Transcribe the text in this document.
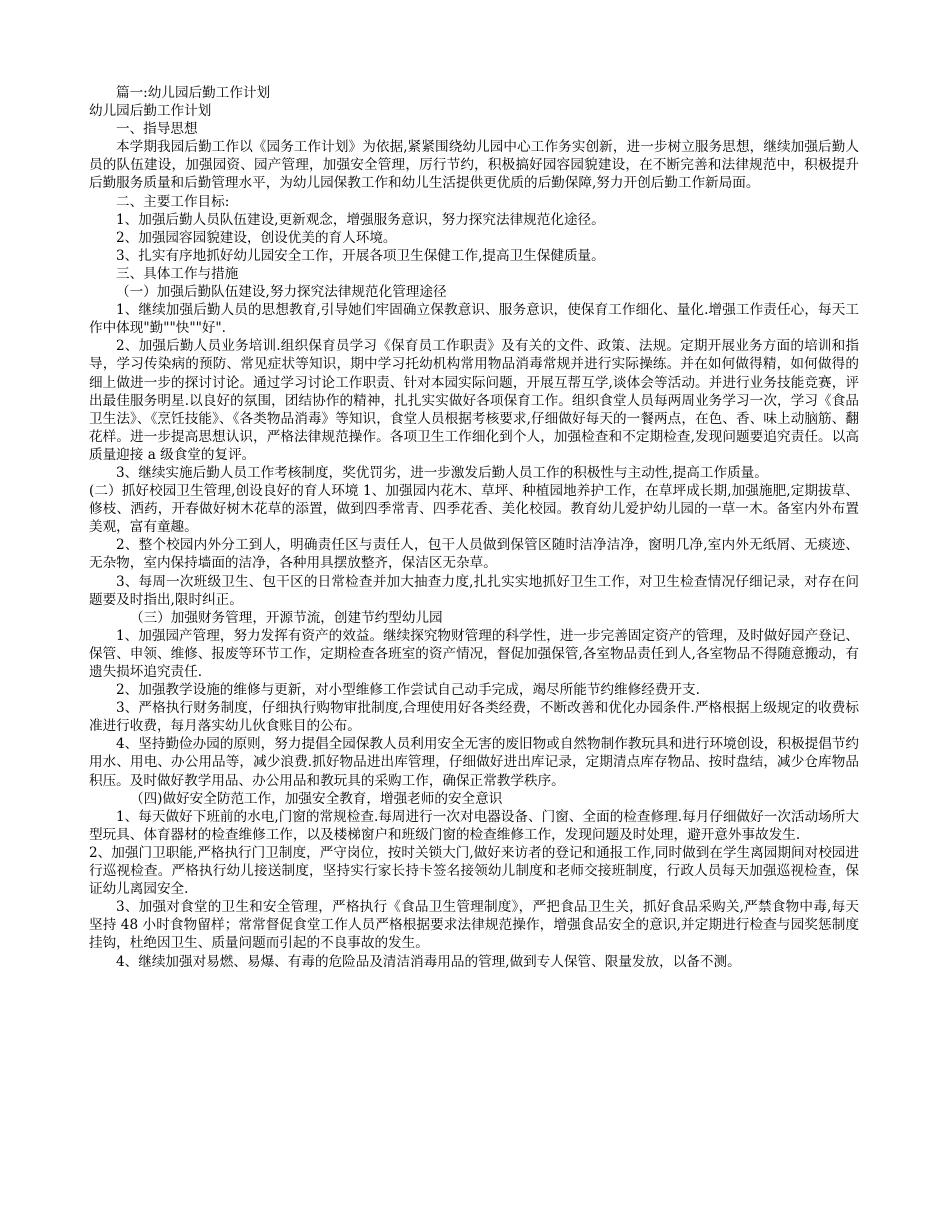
篇一:幼儿园后勤工作计划

幼儿园后勤工作计划

一、指导思想

本学期我园后勤工作以《园务工作计划》为依据,紧紧围绕幼儿园中心工作务实创新，进一步树立服务思想，继续加强后勤人员的队伍建设，加强园资、园产管理，加强安全管理，厉行节约，积极搞好园容园貌建设，在不断完善和法律规范中，积极提升后勤服务质量和后勤管理水平，为幼儿园保教工作和幼儿生活提供更优质的后勤保障,努力开创后勤工作新局面。

二、主要工作目标:

1、加强后勤人员队伍建设,更新观念，增强服务意识，努力探究法律规范化途径。

2、加强园容园貌建设，创设优美的育人环境。

3、扎实有序地抓好幼儿园安全工作，开展各项卫生保健工作,提高卫生保健质量。

三、具体工作与措施

（一）加强后勤队伍建设,努力探究法律规范化管理途径

1、继续加强后勤人员的思想教育,引导她们牢固确立保教意识、服务意识，使保育工作细化、量化.增强工作责任心，每天工作中体现"勤""快""好".

2、加强后勤人员业务培训.组织保育员学习《保育员工作职责》及有关的文件、政策、法规。定期开展业务方面的培训和指导，学习传染病的预防、常见症状等知识，期中学习托幼机构常用物品消毒常规并进行实际操练。并在如何做得精，如何做得的细上做进一步的探讨讨论。通过学习讨论工作职责、针对本园实际问题，开展互帮互学,谈体会等活动。并进行业务技能竞赛，评出最佳服务明星.以良好的氛围，团结协作的精神，扎扎实实做好各项保育工作。组织食堂人员每两周业务学习一次，学习《食品卫生法》、《烹饪技能》、《各类物品消毒》等知识，食堂人员根据考核要求,仔细做好每天的一餐两点，在色、香、味上动脑筋、翻花样。进一步提高思想认识，严格法律规范操作。各项卫生工作细化到个人，加强检查和不定期检查,发现问题要追究责任。以高质量迎接 a 级食堂的复评。

3、继续实施后勤人员工作考核制度，奖优罚劣，进一步激发后勤人员工作的积极性与主动性,提高工作质量。

(二）抓好校园卫生管理,创设良好的育人环境 1、加强园内花木、草坪、种植园地养护工作，在草坪成长期,加强施肥,定期拔草、修枝、洒药，开春做好树木花草的添置，做到四季常青、四季花香、美化校园。教育幼儿爱护幼儿园的一草一木。备室内外布置美观，富有童趣。

2、整个校园内外分工到人，明确责任区与责任人，包干人员做到保管区随时洁净洁净，窗明几净,室内外无纸屑、无痰迹、无杂物，室内保持墙面的洁净，各种用具摆放整齐，保洁区无杂草。

3、每周一次班级卫生、包干区的日常检查并加大抽查力度,扎扎实实地抓好卫生工作，对卫生检查情况仔细记录，对存在问题要及时指出,限时纠正。

（三）加强财务管理，开源节流，创建节约型幼儿园

1、加强园产管理，努力发挥有资产的效益。继续探究物财管理的科学性，进一步完善固定资产的管理，及时做好园产登记、保管、申领、维修、报废等环节工作，定期检查各班室的资产情况，督促加强保管,各室物品责任到人,各室物品不得随意搬动，有遗失损坏追究责任.

2、加强教学设施的维修与更新，对小型维修工作尝试自己动手完成，竭尽所能节约维修经费开支.

3、严格执行财务制度，仔细执行购物审批制度,合理使用好各类经费，不断改善和优化办园条件.严格根据上级规定的收费标准进行收费，每月落实幼儿伙食账目的公布。

4、坚持勤俭办园的原则，努力提倡全园保教人员利用安全无害的废旧物或自然物制作教玩具和进行环境创设，积极提倡节约用水、用电、办公用品等，减少浪费.抓好物品进出库管理，仔细做好进出库记录，定期清点库存物品、按时盘结，减少仓库物品积压。及时做好教学用品、办公用品和教玩具的采购工作，确保正常教学秩序。

（四)做好安全防范工作，加强安全教育，增强老师的安全意识

1、每天做好下班前的水电,门窗的常规检查.每周进行一次对电器设备、门窗、全面的检查修理.每月仔细做好一次活动场所大型玩具、体育器材的检查维修工作，以及楼梯窗户和班级门窗的检查维修工作，发现问题及时处理，避开意外事故发生.

2、加强门卫职能,严格执行门卫制度，严守岗位，按时关锁大门,做好来访者的登记和通报工作,同时做到在学生离园期间对校园进行巡视检查。严格执行幼儿接送制度，坚持实行家长持卡签名接领幼儿制度和老师交接班制度，行政人员每天加强巡视检查，保证幼儿离园安全.

3、加强对食堂的卫生和安全管理，严格执行《食品卫生管理制度》，严把食品卫生关，抓好食品采购关,严禁食物中毒,每天坚持 48 小时食物留样；常常督促食堂工作人员严格根据要求法律规范操作，增强食品安全的意识,并定期进行检查与园奖惩制度挂钩，杜绝因卫生、质量问题而引起的不良事故的发生。

4、继续加强对易燃、易爆、有毒的危险品及清洁消毒用品的管理,做到专人保管、限量发放，以备不测。
